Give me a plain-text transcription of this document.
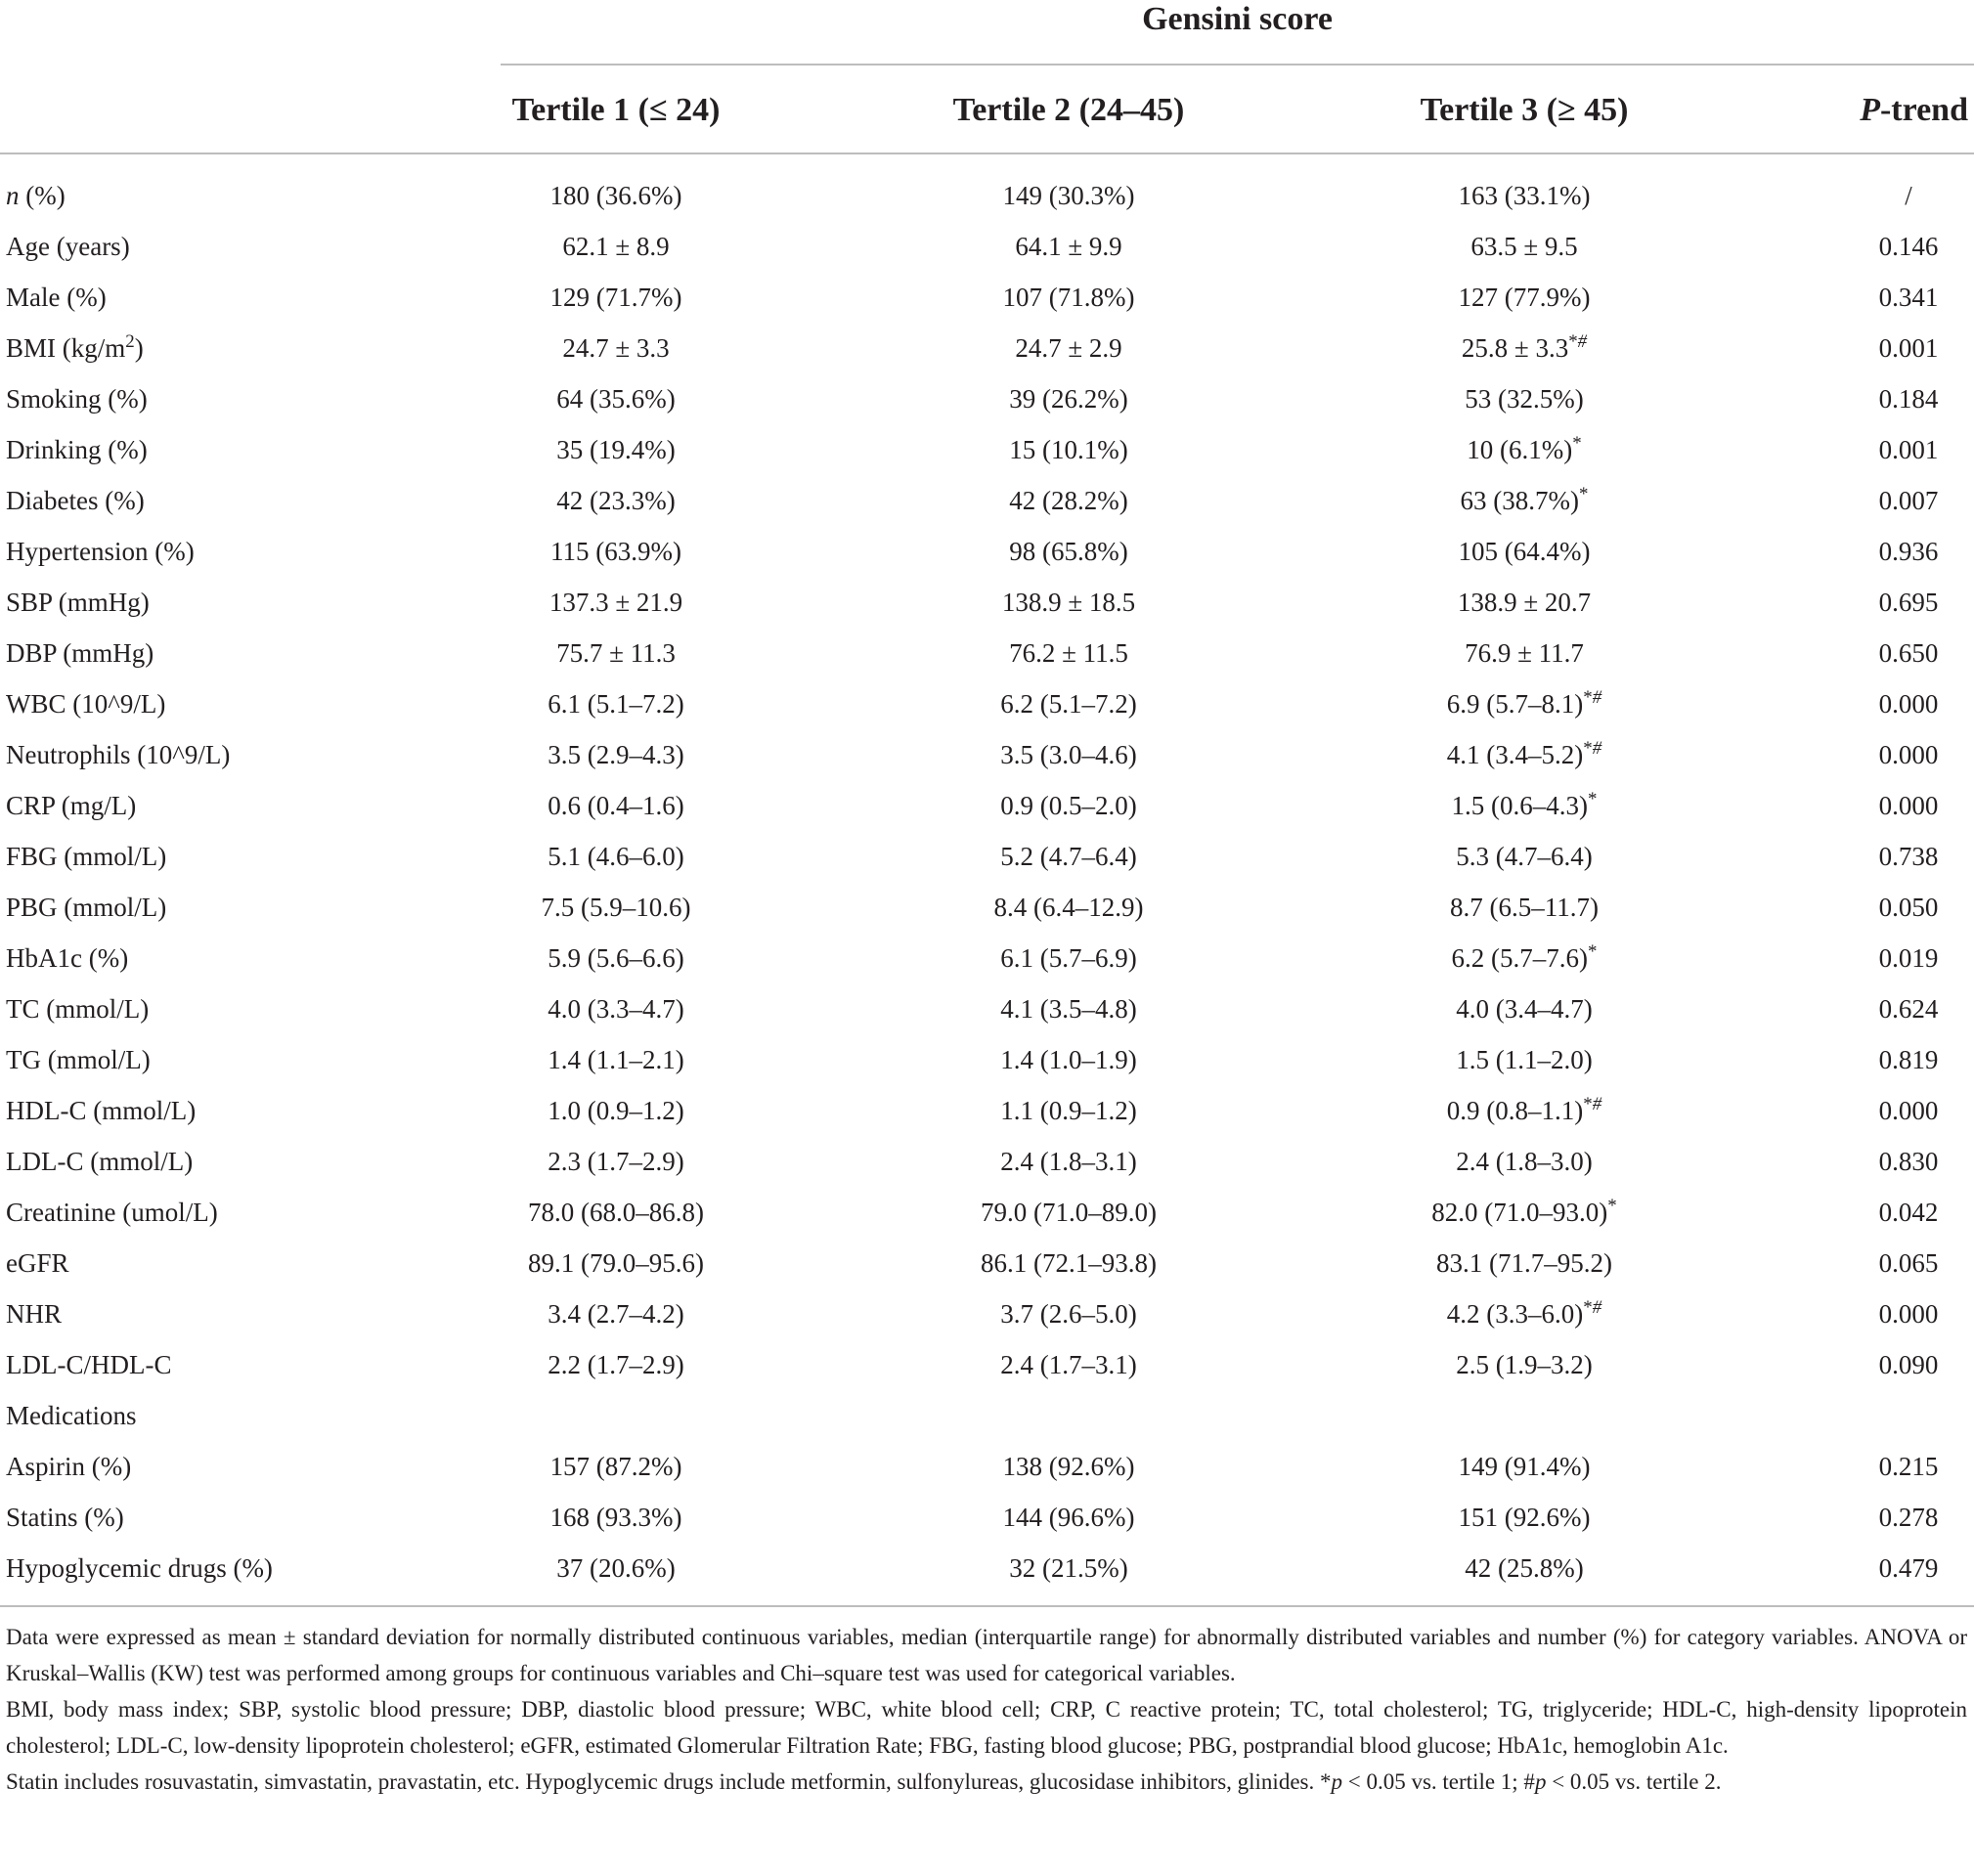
Gensini score
Tertile 1 (≤ 24)	Tertile 2 (24–45)	Tertile 3 (≥ 45)	P-trend
n (%)	180 (36.6%)	149 (30.3%)	163 (33.1%)	/
Age (years)	62.1 ± 8.9	64.1 ± 9.9	63.5 ± 9.5	0.146
Male (%)	129 (71.7%)	107 (71.8%)	127 (77.9%)	0.341
BMI $(kg/m^2)$	24.7 ± 3.3	24.7 ± 2.9	25.8 ± 3.3*#	0.001
Smoking (%)	64 (35.6%)	39 (26.2%)	53 (32.5%)	0.184
Drinking (%)	35 (19.4%)	15 (10.1%)	10 (6.1%)*	0.001
Diabetes (%)	42 (23.3%)	42 (28.2%)	63 (38.7%)*	0.007
Hypertension (%)	115 (63.9%)	98 (65.8%)	105 (64.4%)	0.936
SBP (mmHg)	137.3 ± 21.9	138.9 ± 18.5	138.9 ± 20.7	0.695
DBP (mmHg)	75.7 ± 11.3	76.2 ± 11.5	76.9 ± 11.7	0.650
WBC (10^9/L)	6.1 (5.1–7.2)	6.2 (5.1–7.2)	6.9 (5.7–8.1)*#	0.000
Neutrophils (10^9/L)	3.5 (2.9–4.3)	3.5 (3.0–4.6)	4.1 (3.4–5.2)*#	0.000
CRP (mg/L)	0.6 (0.4–1.6)	0.9 (0.5–2.0)	1.5 (0.6–4.3)*	0.000
FBG (mmol/L)	5.1 (4.6–6.0)	5.2 (4.7–6.4)	5.3 (4.7–6.4)	0.738
PBG (mmol/L)	7.5 (5.9–10.6)	8.4 (6.4–12.9)	8.7 (6.5–11.7)	0.050
HbA1c (%)	5.9 (5.6–6.6)	6.1 (5.7–6.9)	6.2 (5.7–7.6)*	0.019
TC (mmol/L)	4.0 (3.3–4.7)	4.1 (3.5–4.8)	4.0 (3.4–4.7)	0.624
TG (mmol/L)	1.4 (1.1–2.1)	1.4 (1.0–1.9)	1.5 (1.1–2.0)	0.819
HDL-C (mmol/L)	1.0 (0.9–1.2)	1.1 (0.9–1.2)	0.9 (0.8–1.1)*#	0.000
LDL-C (mmol/L)	2.3 (1.7–2.9)	2.4 (1.8–3.1)	2.4 (1.8–3.0)	0.830
Creatinine (umol/L)	78.0 (68.0–86.8)	79.0 (71.0–89.0)	82.0 (71.0–93.0)*	0.042
eGFR	89.1 (79.0–95.6)	86.1 (72.1–93.8)	83.1 (71.7–95.2)	0.065
NHR	3.4 (2.7–4.2)	3.7 (2.6–5.0)	4.2 (3.3–6.0)*#	0.000
LDL-C/HDL-C	2.2 (1.7–2.9)	2.4 (1.7–3.1)	2.5 (1.9–3.2)	0.090
Medications
Aspirin (%)	157 (87.2%)	138 (92.6%)	149 (91.4%)	0.215
Statins (%)	168 (93.3%)	144 (96.6%)	151 (92.6%)	0.278
Hypoglycemic drugs (%)	37 (20.6%)	32 (21.5%)	42 (25.8%)	0.479

Data were expressed as mean ± standard deviation for normally distributed continuous variables, median (interquartile range) for abnormally distributed variables and number (%) for category variables. ANOVA or Kruskal–Wallis (KW) test was performed among groups for continuous variables and Chi–square test was used for categorical variables.

BMI, body mass index; SBP, systolic blood pressure; DBP, diastolic blood pressure; WBC, white blood cell; CRP, C reactive protein; TC, total cholesterol; TG, triglyceride; HDL-C, high-density lipoprotein cholesterol; LDL-C, low-density lipoprotein cholesterol; eGFR, estimated Glomerular Filtration Rate; FBG, fasting blood glucose; PBG, postprandial blood glucose; HbA1c, hemoglobin A1c.

Statin includes rosuvastatin, simvastatin, pravastatin, etc. Hypoglycemic drugs include metformin, sulfonylureas, glucosidase inhibitors, glinides. *p < 0.05 vs. tertile 1; #p < 0.05 vs. tertile 2.
